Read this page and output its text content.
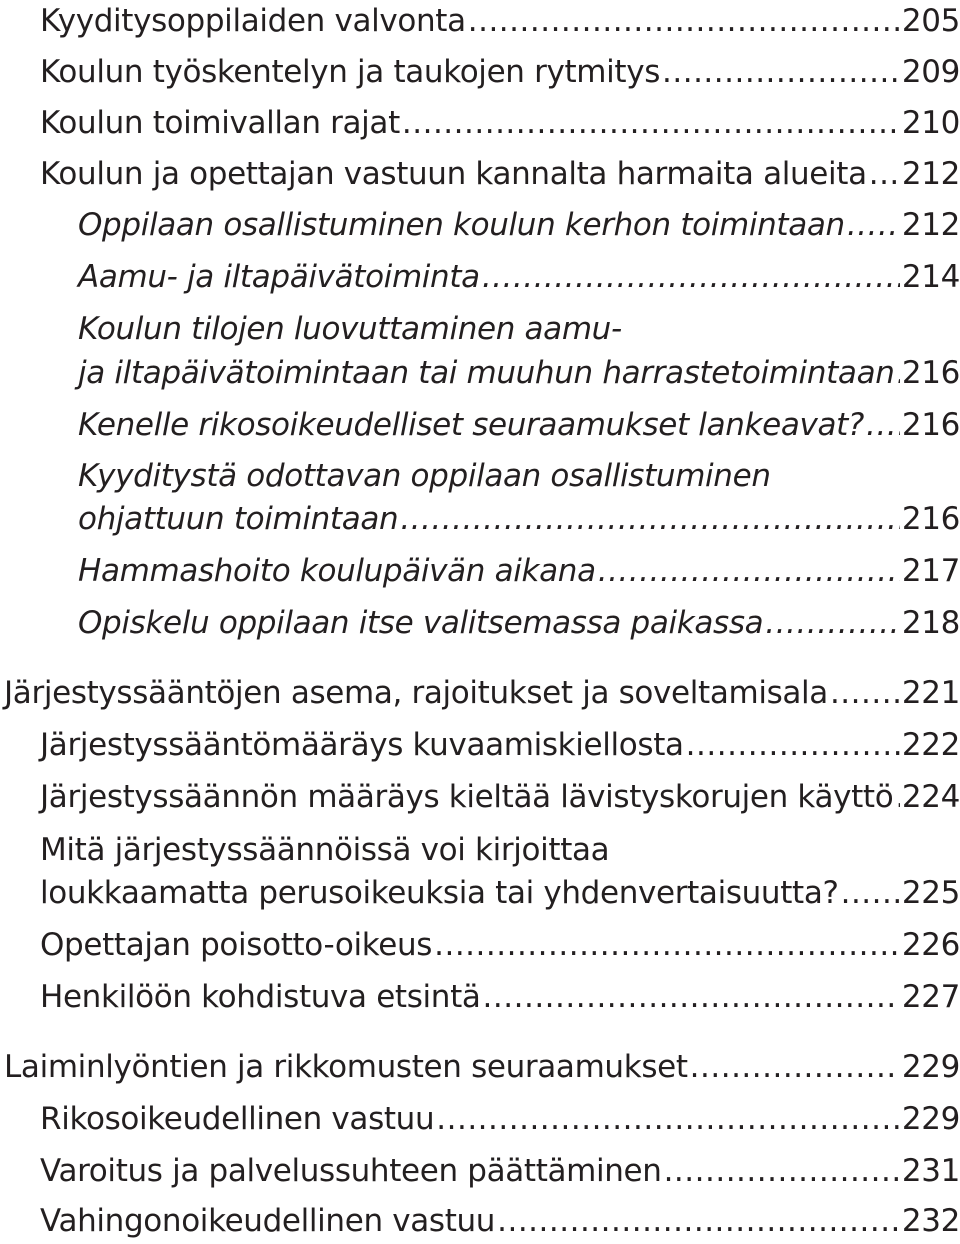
Kyyditysoppilaiden valvonta .....	205
Koulun työskentelyn ja taukojen rytmitys .....	209
Koulun toimivallan rajat .....	210
Koulun ja opettajan vastuun kannalta harmaita alueita ..... 212
Oppilaan osallistuminen koulun kerhon toimintaan ..... 212
Aamu- ja iltapäivätoiminta .....	214
Koulun tilojen luovuttaminen aamu-
ja iltapäivätoimintaan tai muuhun harrastetoimintaan ..... 216
Kenelle rikosoikeudelliset seuraamukset lankeavat? ..... 216
Kyyditystä odottavan oppilaan osallistuminen
ohjattuun toimintaan .....	216
Hammashoito koulupäivän aikana .....	217
Opiskelu oppilaan itse valitsemassa paikassa .....	218
Järjestyssääntöjen asema, rajoitukset ja soveltamisala ..... 221
Järjestyssääntömääräys kuvaamiskiellosta .....	222
Järjestyssäännön määräys kieltää lävistyskorujen käyttö ..... 224
Mitä järjestyssäännöissä voi kirjoittaa
loukkaamatta perusoikeuksia tai yhdenvertaisuutta? ..... 225
Opettajan poisotto-oikeus .....	226
Henkilöön kohdistuva etsintä .....	227
Laiminlyöntien ja rikkomusten seuraamukset .....	229
Rikosoikeudellinen vastuu .....	229
Varoitus ja palvelussuhteen päättäminen .....	231
Vahingonoikeudellinen vastuu .....	232
